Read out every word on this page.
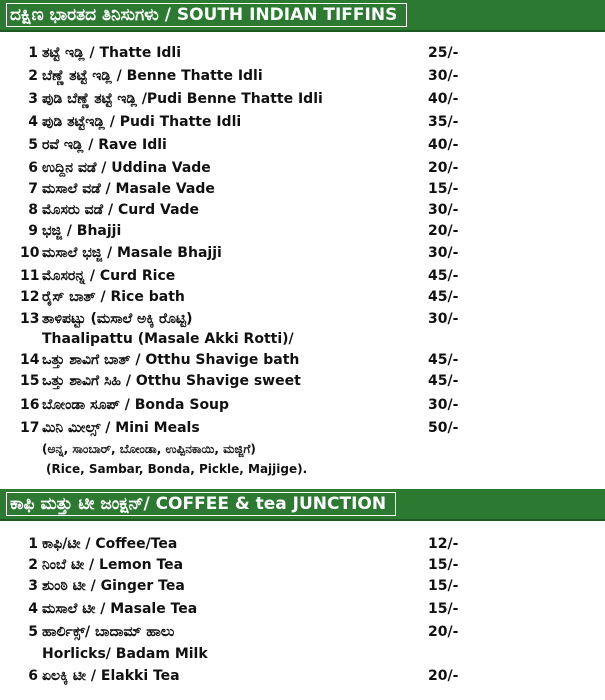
ದಕ್ಷಿಣ ಭಾರತದ ತಿನಿಸುಗಳು / SOUTH INDIAN TIFFINS
1 ತಟ್ಟೆ ಇಡ್ಲಿ / Thatte Idli	25/-
2 ಬೆಣ್ಣೆ ತಟ್ಟೆ ಇಡ್ಲಿ / Benne Thatte Idli	30/-
3 ಪುಡಿ ಬೆಣ್ಣೆ ತಟ್ಟೆ ಇಡ್ಲಿ /Pudi Benne Thatte Idli	40/-
4 ಪುಡಿ ತಟ್ಟೆಇಡ್ಲಿ / Pudi Thatte Idli	35/-
5 ರವೆ ಇಡ್ಲಿ / Rave Idli	40/-
6 ಉದ್ದಿನ ವಡೆ / Uddina Vade	20/-
7 ಮಸಾಲೆ ವಡೆ / Masale Vade	15/-
8 ಮೊಸರು ವಡೆ / Curd Vade	30/-
9 ಭಜ್ಜಿ / Bhajji	20/-
10 ಮಸಾಲೆ ಭಜ್ಜಿ / Masale Bhajji	30/-
11 ಮೊಸರನ್ನ / Curd Rice	45/-
12 ರೈಸ್ ಬಾತ್ / Rice bath	45/-
13 ತಾಳಿಪಟ್ಟು (ಮಸಾಲೆ ಅಕ್ಕಿ ರೊಟ್ಟಿ)	30/-
Thaalipattu (Masale Akki Rotti)/
14 ಒತ್ತು ಶಾವಿಗೆ ಬಾತ್ / Otthu Shavige bath	45/-
15 ಒತ್ತು ಶಾವಿಗೆ ಸಿಹಿ / Otthu Shavige sweet	45/-
16 ಬೋಂಡಾ ಸೂಪ್ / Bonda Soup	30/-
17 ಮಿನಿ ಮೀಲ್ಸ್ / Mini Meals	50/-
(ಅನ್ನ, ಸಾಂಬಾರ್, ಬೋಂಡಾ, ಉಪ್ಪಿನಕಾಯಿ, ಮಜ್ಜಿಗೆ)
(Rice, Sambar, Bonda, Pickle, Majjige).
ಕಾಫಿ ಮತ್ತು ಟೀ ಜಂಕ್ಷನ್/ COFFEE & tea JUNCTION
1 ಕಾಫಿ/ಟೀ / Coffee/Tea	12/-
2 ನಿಂಬೆ ಟೀ / Lemon Tea	15/-
3 ಶುಂಠಿ ಟೀ / Ginger Tea	15/-
4 ಮಸಾಲೆ ಟೀ / Masale Tea	15/-
5 ಹಾರ್ಲಿಕ್ಸ್/ ಬಾದಾಮ್ ಹಾಲು	20/-
Horlicks/ Badam Milk
6 ಏಲಕ್ಕಿ ಟೀ / Elakki Tea	20/-
